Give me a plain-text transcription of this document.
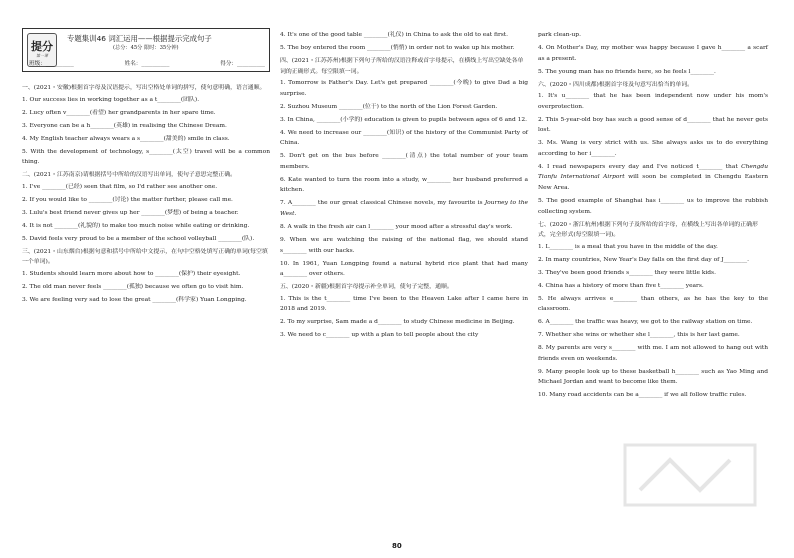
提分
第一课
专题集训46 词汇运用——根据提示完成句子
(总分：45分 限时：35分钟)
班级：__________	姓名：__________	得分：__________
一、(2021・安徽)根据首字母及汉语提示，写出空格处单词的拼写，使句意明确，语言通顺。
1. Our success lies in working together as a t________(团队).
2. Lucy often v________(看望) her grandparents in her spare time.
3. Everyone can be a h________(英雄) in realising the Chinese Dream.
4. My English teacher always wears a s________(甜美的) smile in class.
5. With the development of technology, s________(太空) travel will be a common thing.
二、(2021・江苏南京)请根据括号中所给的汉语写出单词，使句子意思完整正确。
1. I've ________(已经) seen that film, so I'd rather see another one.
2. If you would like to ________(讨论) the matter further, please call me.
3. Lulu's best friend never gives up her ________(梦想) of being a teacher.
4. It is not ________(礼貌的) to make too much noise while eating or drinking.
5. David feels very proud to be a member of the school volleyball ________(队).
三、(2021・山东烟台)根据句意和括号中所给中文提示，在句中空格处填写正确的单词(每空填一个单词)。
1. Students should learn more about how to ________(保护) their eyesight.
2. The old man never feels ________(孤独) because we often go to visit him.
3. We are feeling very sad to lose the great ________(科学家) Yuan Longping.
4. It's one of the good table ________(礼仪) in China to ask the old to eat first.
5. The boy entered the room ________(悄悄) in order not to wake up his mother.
四、(2021・江苏苏州)根据下列句子所给的汉语注释或首字母提示，在横线上写出空缺处各单词的正确形式。每空限填一词。
1. Tomorrow is Father's Day. Let's get prepared ________(今晚) to give Dad a big surprise.
2. Suzhou Museum ________(位于) to the north of the Lion Forest Garden.
3. In China, ________(小学的) education is given to pupils between ages of 6 and 12.
4. We need to increase our ________(知识) of the history of the Communist Party of China.
5. Don't get on the bus before ________(清点) the total number of your team members.
6. Kate wanted to turn the room into a study, w________ her husband preferred a kitchen.
7. A________ the our great classical Chinese novels, my favourite is Journey to the West.
8. A walk in the fresh air can l________ your mood after a stressful day's work.
9. When we are watching the raising of the national flag, we should stand s________ with our hacks.
10. In 1961, Yuan Longping found a natural hybrid rice plant that had many a________ over others.
五、(2020・新疆)根据首字母提示补全单词，使句子完整，通顺。
1. This is the t________ time I've been to the Heaven Lake after I came here in 2018 and 2019.
2. To my surprise, Sam made a d________ to study Chinese medicine in Beijing.
3. We need to c________ up with a plan to tell people about the city
park clean-up.
4. On Mother's Day, my mother was happy because I gave h________ a scarf as a present.
5. The young man has no friends here, so he feels l________.
六、(2020・四川成都)根据首字母及句意写出恰当的单词。
1. It's u________ that he has been independent now under his mom's overprotection.
2. This 5-year-old boy has such a good sense of d________ that he never gets lost.
3. Ms. Wang is very strict with us. She always asks us to do everything according to her i________.
4. I read newspapers every day and I've noticed t________ that Chengdu Tianfu International Airport will soon be completed in Chengdu Eastern New Area.
5. The good example of Shanghai has i________ us to improve the rubbish collecting system.
七、(2020・浙江杭州)根据下列句子及所给的首字母，在横线上写出各单词的正确形式，完全形式(每空限填一词)。
1. L________ is a meal that you have in the middle of the day.
2. In many countries, New Year's Day falls on the first day of J________.
3. They've been good friends s________ they were little kids.
4. China has a history of more than five t________ years.
5. He always arrives e________ than others, as he has the key to the classroom.
6. A________ the traffic was heavy, we got to the railway station on time.
7. Whether she wins or whether she l________, this is her last game.
8. My parents are very s________ with me. I am not allowed to hang out with friends even on weekends.
9. Many people look up to these basketball h________ such as Yao Ming and Michael Jordan and want to become like them.
10. Many road accidents can be a________ if we all follow traffic rules.
80
